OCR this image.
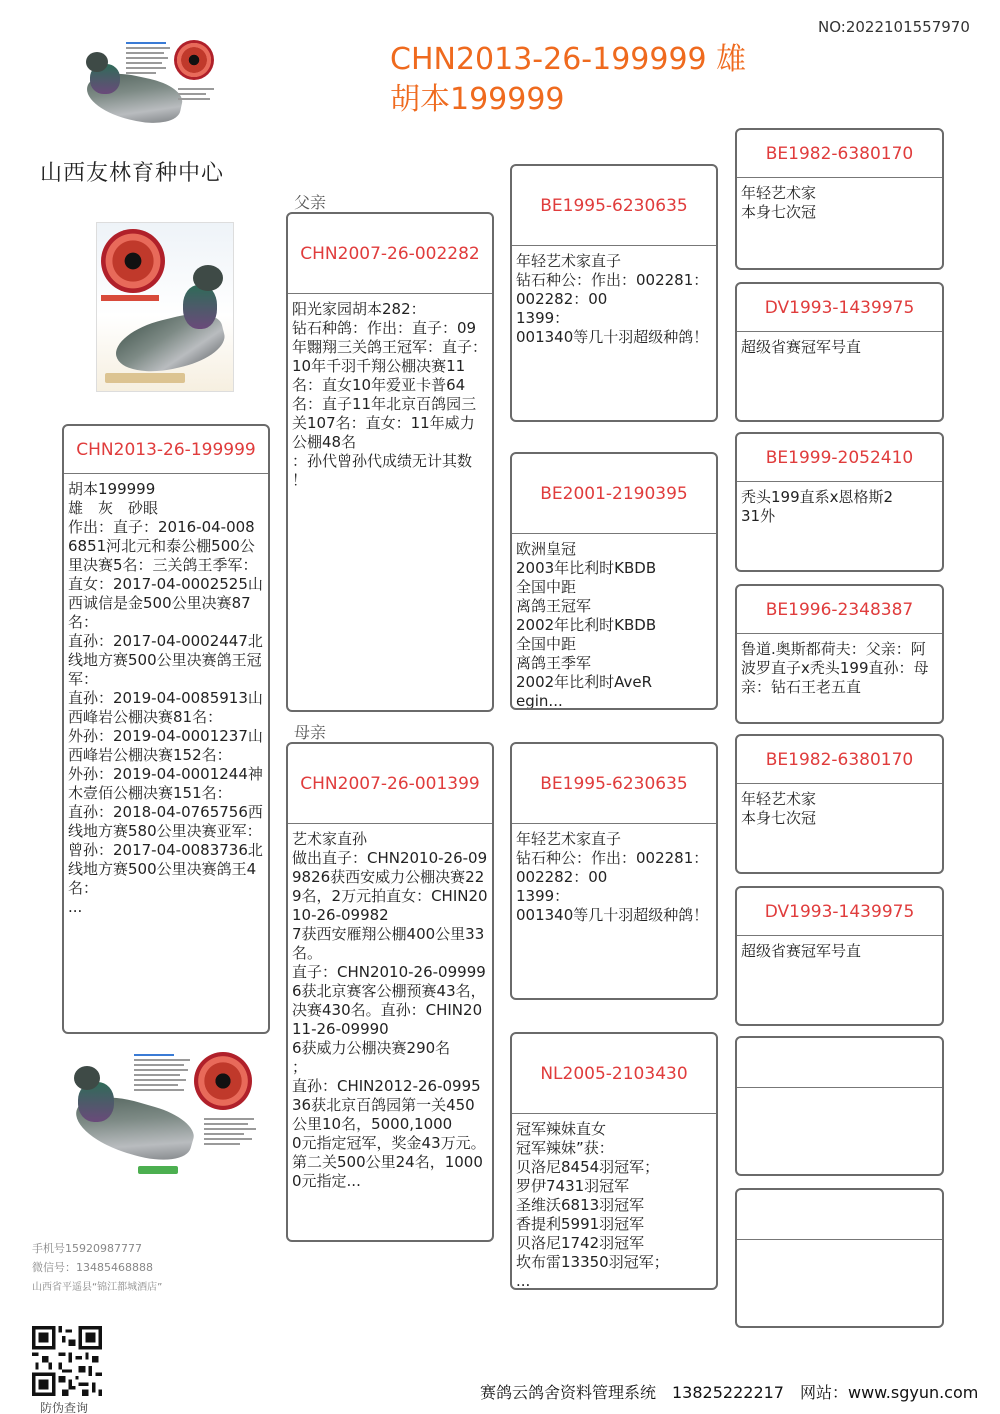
NO:2022101557970
CHN2013-26-199999 雄
胡本199999
山西友林育种中心
父亲
母亲
CHN2013-26-199999
胡本199999
雄　灰　砂眼
作出：直子：2016-04-0086851河北元和泰公棚500公里决赛5名：三关鸽王季军：
直女：2017-04-0002525山西诚信是金500公里决赛87名：
直孙：2017-04-0002447北线地方赛500公里决赛鸽王冠军：
直孙：2019-04-0085913山西峰岩公棚决赛81名：
外孙：2019-04-0001237山西峰岩公棚决赛152名：
外孙：2019-04-0001244神木壹佰公棚决赛151名：
直孙：2018-04-0765756西线地方赛580公里决赛亚军：
曾孙：2017-04-0083736北线地方赛500公里决赛鸽王4名：
...
CHN2007-26-002282
阳光家园胡本282：
钻石种鸽：作出：直子：09年翾翔三关鸽王冠军：直子：10年千羽千翔公棚决赛11名：直女10年爱亚卡普64名：直子11年北京百鸽园三关107名：直女：11年威力公棚48名
：孙代曾孙代成绩无计其数
！
CHN2007-26-001399
艺术家直孙
做出直子：CHN2010-26-099826获西安威力公棚决赛229名，2万元拍直女：CHIN2010-26-09982
7获西安雁翔公棚400公里33名。
直子：CHN2010-26-099996获北京赛客公棚预赛43名，决赛430名。直孙：CHIN2011-26-09990
6获威力公棚决赛290名
；
直孙：CHIN2012-26-099536获北京百鸽园第一关450公里10名，5000,1000
0元指定冠军，奖金43万元。第二关500公里24名，10000元指定...
BE1995-6230635
年轻艺术家直子
钻石种公：作出：002281：002282：00
1399：
001340等几十羽超级种鸽！
BE2001-2190395
欧洲皇冠
2003年比利时KBDB
全国中距
离鸽王冠军
2002年比利时KBDB
全国中距
离鸽王季军
2002年比利时AveR
egin...
BE1995-6230635
年轻艺术家直子
钻石种公：作出：002281：002282：00
1399：
001340等几十羽超级种鸽！
NL2005-2103430
冠军辣妹直女
冠军辣妹”获：
贝洛尼8454羽冠军；
罗伊7431羽冠军
圣维沃6813羽冠军
香提利5991羽冠军
贝洛尼1742羽冠军
坎布雷13350羽冠军；
...
BE1982-6380170
年轻艺术家
本身七次冠
DV1993-1439975
超级省赛冠军号直
BE1999-2052410
秃头199直系x恩格斯2
31外
BE1996-2348387
鲁道.奥斯都荷夫：父亲：阿波罗直子x秃头199直孙：母亲：钻石王老五直
BE1982-6380170
年轻艺术家
本身七次冠
DV1993-1439975
超级省赛冠军号直
手机号15920987777
微信号：13485468888
山西省平遥县“锦江都城酒店”
防伪查询
赛鸽云鸽舍资料管理系统　13825222217　网站：www.sgyun.com
